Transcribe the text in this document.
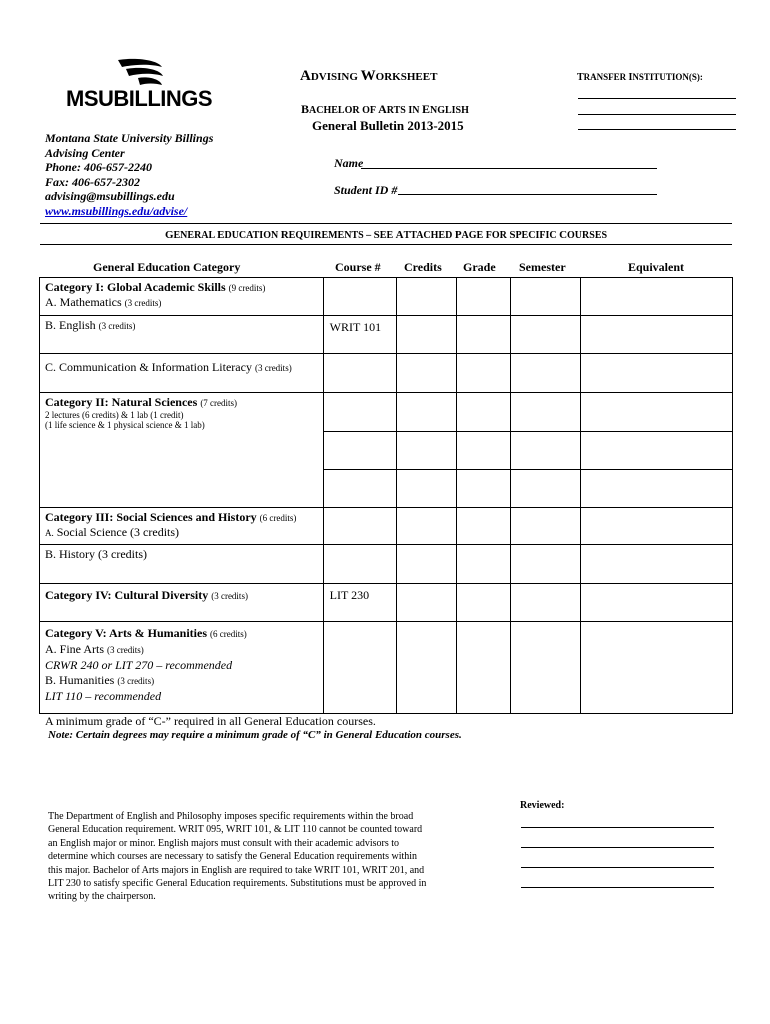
MSUBILLINGS
Montana State University Billings
Advising Center
Phone: 406-657-2240
Fax: 406-657-2302
advising@msubillings.edu
www.msubillings.edu/advise/
ADVISING WORKSHEET
BACHELOR OF ARTS IN ENGLISH
General Bulletin 2013-2015
TRANSFER INSTITUTION(S):
Name
Student ID #
GENERAL EDUCATION REQUIREMENTS – SEE ATTACHED PAGE FOR SPECIFIC COURSES
General Education Category	Course # Credits Grade Semester	Equivalent
Category I: Global Academic Skills (9 credits)
A. Mathematics (3 credits)					

B. English (3 credits)	WRIT 101				

C. Communication & Information Literacy (3 credits)					

Category II: Natural Sciences (7 credits)
2 lectures (6 credits) & 1 lab (1 credit)
(1 life science & 1 physical science & 1 lab)					

Category III: Social Sciences and History (6 credits)
A. Social Science (3 credits)					

B. History (3 credits)					

Category IV: Cultural Diversity (3 credits)	LIT 230				

Category V: Arts & Humanities (6 credits)
A. Fine Arts (3 credits)
CRWR 240 or LIT 270 – recommended
B. Humanities (3 credits)
LIT 110 – recommended					

A minimum grade of “C-” required in all General Education courses.
Note: Certain degrees may require a minimum grade of “C” in General Education courses.
Reviewed:
The Department of English and Philosophy imposes specific requirements within the broad General Education requirement. WRIT 095, WRIT 101, & LIT 110 cannot be counted toward an English major or minor. English majors must consult with their academic advisors to determine which courses are necessary to satisfy the General Education requirements within this major. Bachelor of Arts majors in English are required to take WRIT 101, WRIT 201, and LIT 230 to satisfy specific General Education requirements. Substitutions must be approved in writing by the chairperson.
